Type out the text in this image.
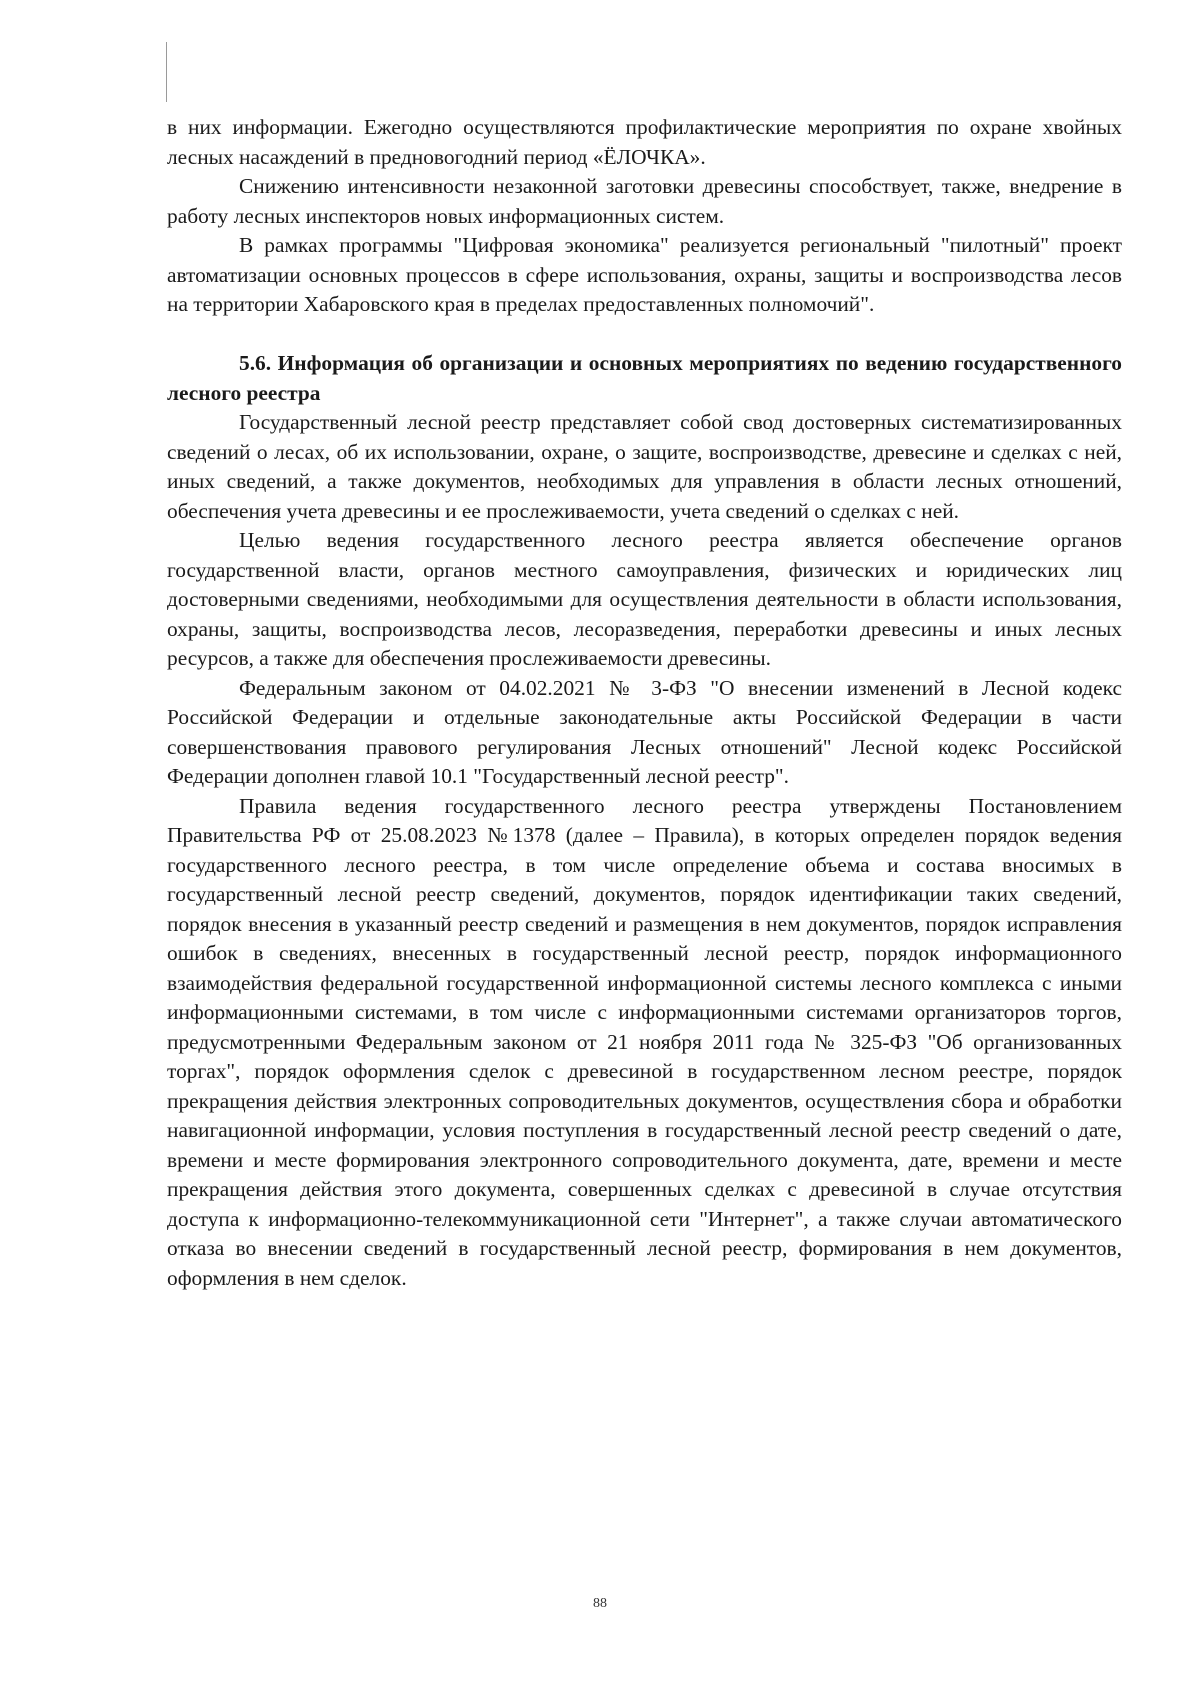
в них информации. Ежегодно осуществляются профилактические мероприятия по охране хвойных лесных насаждений в предновогодний период «ЁЛОЧКА».

Снижению интенсивности незаконной заготовки древесины способствует, также, внедрение в работу лесных инспекторов новых информационных систем.

В рамках программы "Цифровая экономика" реализуется региональный "пилотный" проект автоматизации основных процессов в сфере использования, охраны, защиты и воспроизводства лесов на территории Хабаровского края в пределах предоставленных полномочий".

5.6. Информация об организации и основных мероприятиях по ведению государственного лесного реестра

Государственный лесной реестр представляет собой свод достоверных систематизированных сведений о лесах, об их использовании, охране, о защите, воспроизводстве, древесине и сделках с ней, иных сведений, а также документов, необходимых для управления в области лесных отношений, обеспечения учета древесины и ее прослеживаемости, учета сведений о сделках с ней.

Целью ведения государственного лесного реестра является обеспечение органов государственной власти, органов местного самоуправления, физических и юридических лиц достоверными сведениями, необходимыми для осуществления деятельности в области использования, охраны, защиты, воспроизводства лесов, лесоразведения, переработки древесины и иных лесных ресурсов, а также для обеспечения прослеживаемости древесины.

Федеральным законом от 04.02.2021 № 3-ФЗ "О внесении изменений в Лесной кодекс Российской Федерации и отдельные законодательные акты Российской Федерации в части совершенствования правового регулирования Лесных отношений" Лесной кодекс Российской Федерации дополнен главой 10.1 "Государственный лесной реестр".

Правила ведения государственного лесного реестра утверждены Постановлением Правительства РФ от 25.08.2023 №1378 (далее – Правила), в которых определен порядок ведения государственного лесного реестра, в том числе определение объема и состава вносимых в государственный лесной реестр сведений, документов, порядок идентификации таких сведений, порядок внесения в указанный реестр сведений и размещения в нем документов, порядок исправления ошибок в сведениях, внесенных в государственный лесной реестр, порядок информационного взаимодействия федеральной государственной информационной системы лесного комплекса с иными информационными системами, в том числе с информационными системами организаторов торгов, предусмотренными Федеральным законом от 21 ноября 2011 года № 325-ФЗ "Об организованных торгах", порядок оформления сделок с древесиной в государственном лесном реестре, порядок прекращения действия электронных сопроводительных документов, осуществления сбора и обработки навигационной информации, условия поступления в государственный лесной реестр сведений о дате, времени и месте формирования электронного сопроводительного документа, дате, времени и месте прекращения действия этого документа, совершенных сделках с древесиной в случае отсутствия доступа к информационно-телекоммуникационной сети "Интернет", а также случаи автоматического отказа во внесении сведений в государственный лесной реестр, формирования в нем документов, оформления в нем сделок.

88
